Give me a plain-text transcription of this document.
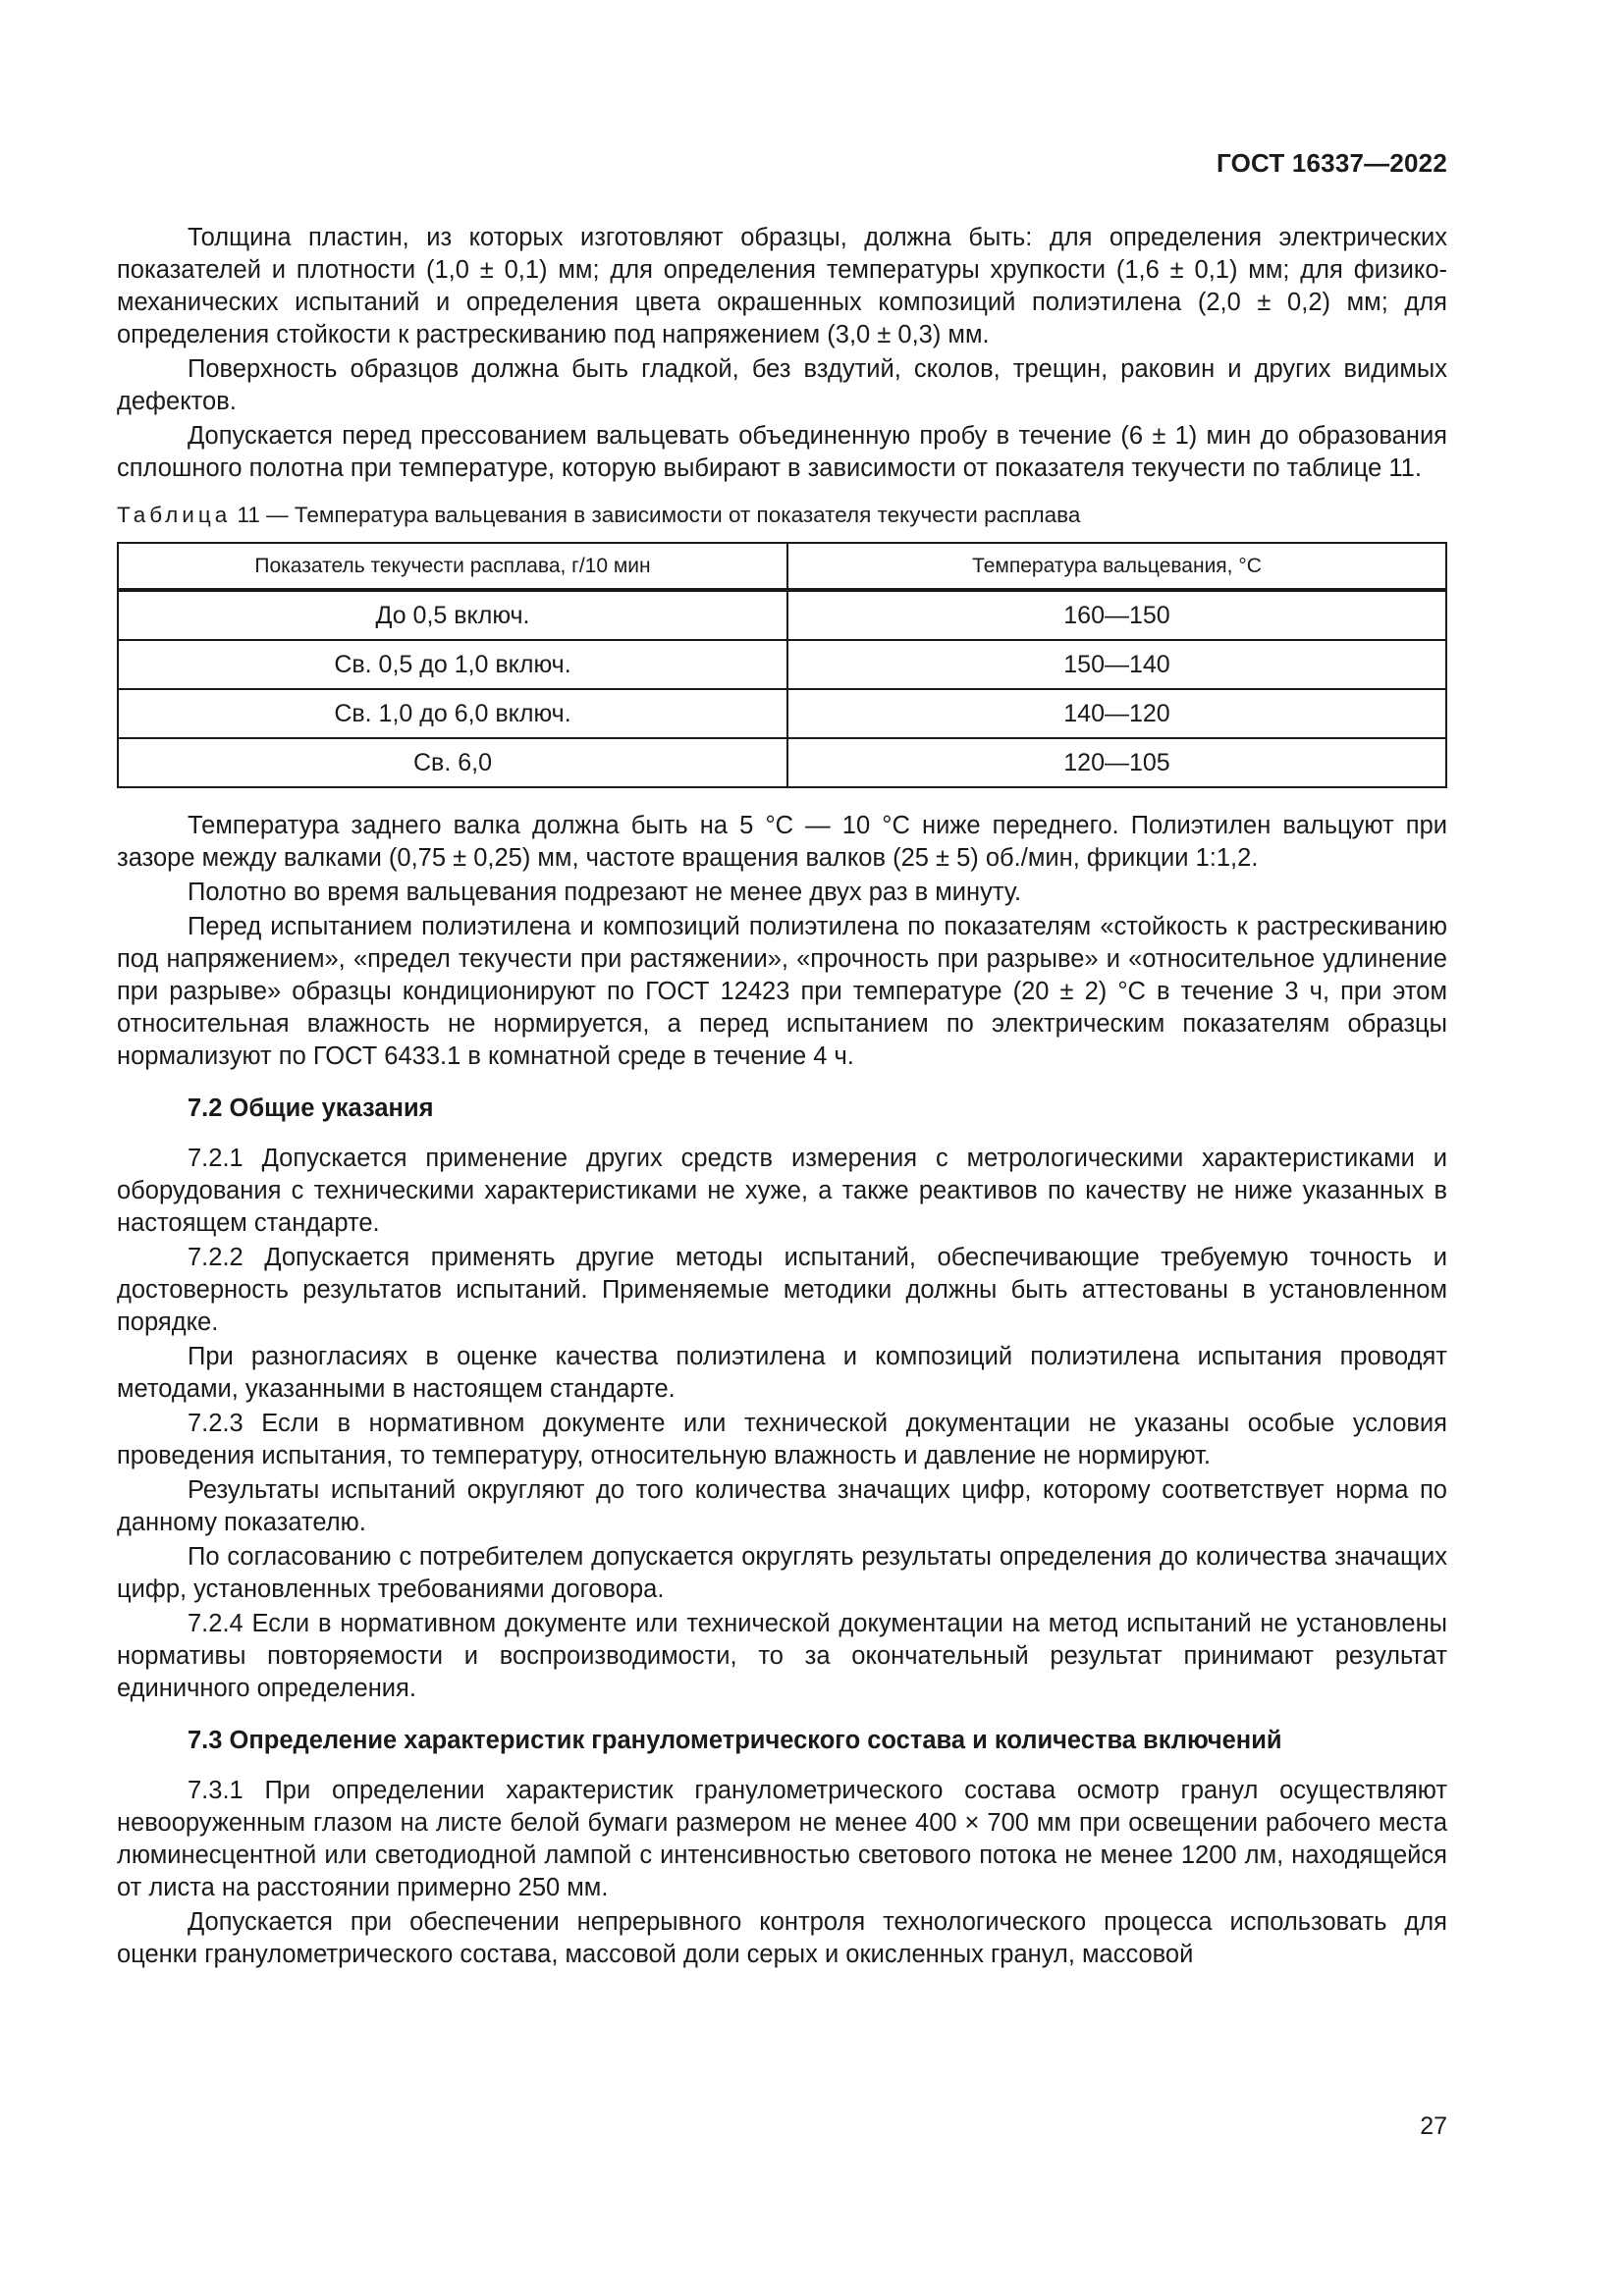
ГОСТ 16337—2022

Толщина пластин, из которых изготовляют образцы, должна быть: для определения электрических показателей и плотности (1,0 ± 0,1) мм; для определения температуры хрупкости (1,6 ± 0,1) мм; для физико-механических испытаний и определения цвета окрашенных композиций полиэтилена (2,0 ± 0,2) мм; для определения стойкости к растрескиванию под напряжением (3,0 ± 0,3) мм.

Поверхность образцов должна быть гладкой, без вздутий, сколов, трещин, раковин и других видимых дефектов.

Допускается перед прессованием вальцевать объединенную пробу в течение (6 ± 1) мин до образования сплошного полотна при температуре, которую выбирают в зависимости от показателя текучести по таблице 11.

Таблица 11 — Температура вальцевания в зависимости от показателя текучести расплава
Показатель текучести расплава, г/10 мин	Температура вальцевания, °С
До 0,5 включ.	160—150
Св. 0,5 до 1,0 включ.	150—140
Св. 1,0 до 6,0 включ.	140—120
Св. 6,0	120—105

Температура заднего валка должна быть на 5 °С — 10 °С ниже переднего. Полиэтилен вальцуют при зазоре между валками (0,75 ± 0,25) мм, частоте вращения валков (25 ± 5) об./мин, фрикции 1:1,2.

Полотно во время вальцевания подрезают не менее двух раз в минуту.

Перед испытанием полиэтилена и композиций полиэтилена по показателям «стойкость к растрескиванию под напряжением», «предел текучести при растяжении», «прочность при разрыве» и «относительное удлинение при разрыве» образцы кондиционируют по ГОСТ 12423 при температуре (20 ± 2) °С в течение 3 ч, при этом относительная влажность не нормируется, а перед испытанием по электрическим показателям образцы нормализуют по ГОСТ 6433.1 в комнатной среде в течение 4 ч.

7.2 Общие указания

7.2.1 Допускается применение других средств измерения с метрологическими характеристиками и оборудования с техническими характеристиками не хуже, а также реактивов по качеству не ниже указанных в настоящем стандарте.

7.2.2 Допускается применять другие методы испытаний, обеспечивающие требуемую точность и достоверность результатов испытаний. Применяемые методики должны быть аттестованы в установленном порядке.

При разногласиях в оценке качества полиэтилена и композиций полиэтилена испытания проводят методами, указанными в настоящем стандарте.

7.2.3 Если в нормативном документе или технической документации не указаны особые условия проведения испытания, то температуру, относительную влажность и давление не нормируют.

Результаты испытаний округляют до того количества значащих цифр, которому соответствует норма по данному показателю.

По согласованию с потребителем допускается округлять результаты определения до количества значащих цифр, установленных требованиями договора.

7.2.4 Если в нормативном документе или технической документации на метод испытаний не установлены нормативы повторяемости и воспроизводимости, то за окончательный результат принимают результат единичного определения.

7.3 Определение характеристик гранулометрического состава и количества включений

7.3.1 При определении характеристик гранулометрического состава осмотр гранул осуществляют невооруженным глазом на листе белой бумаги размером не менее 400 × 700 мм при освещении рабочего места люминесцентной или светодиодной лампой с интенсивностью светового потока не менее 1200 лм, находящейся от листа на расстоянии примерно 250 мм.

Допускается при обеспечении непрерывного контроля технологического процесса использовать для оценки гранулометрического состава, массовой доли серых и окисленных гранул, массовой

27
